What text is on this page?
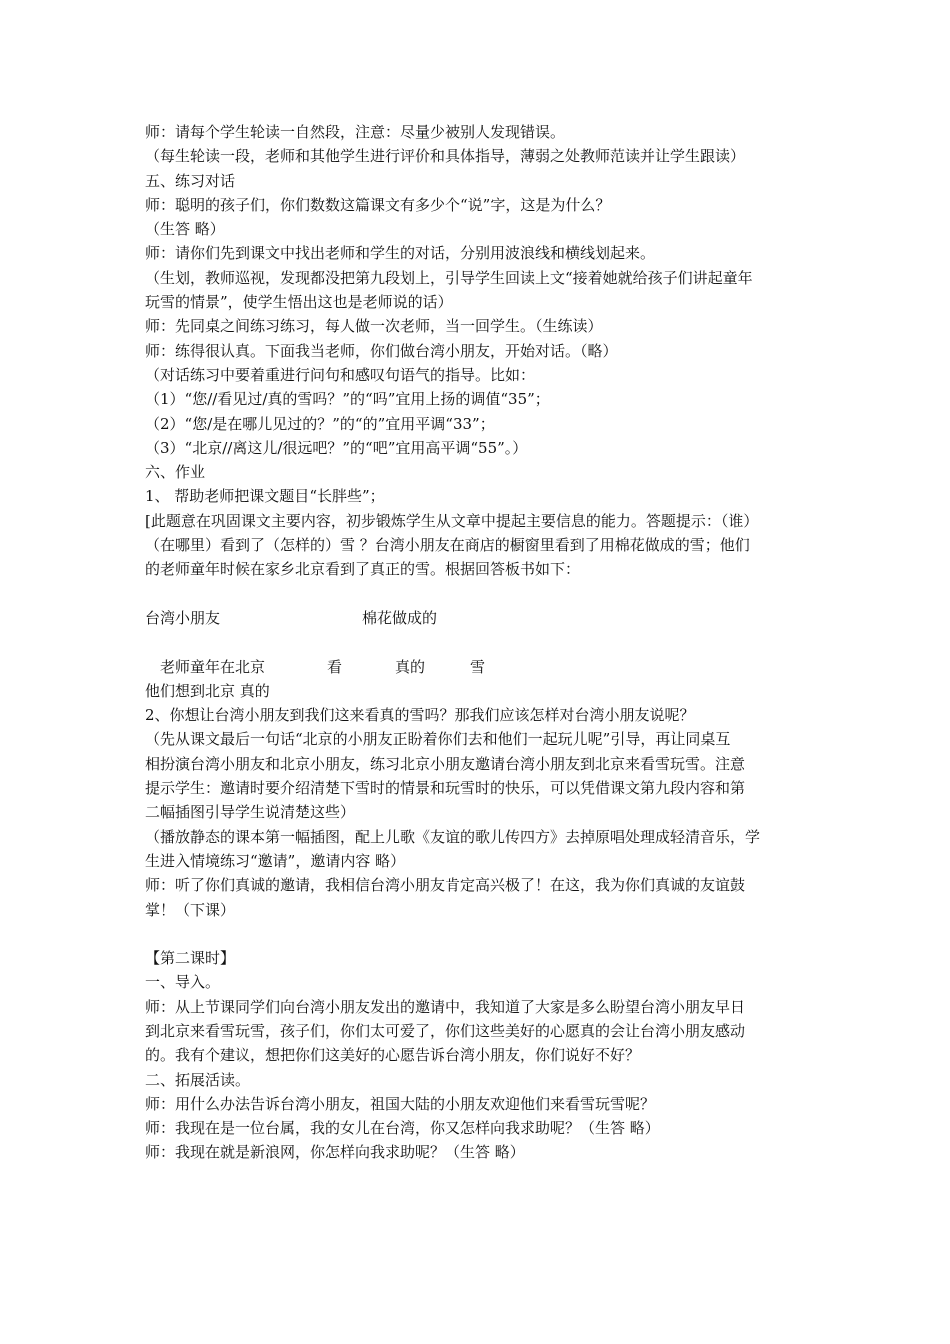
师：请每个学生轮读一自然段，注意：尽量少被别人发现错误。
（每生轮读一段，老师和其他学生进行评价和具体指导，薄弱之处教师范读并让学生跟读）
五、练习对话
师：聪明的孩子们，你们数数这篇课文有多少个“说”字，这是为什么？
（生答 略）
师：请你们先到课文中找出老师和学生的对话，分别用波浪线和横线划起来。
（生划，教师巡视，发现都没把第九段划上，引导学生回读上文“接着她就给孩子们讲起童年
玩雪的情景”，使学生悟出这也是老师说的话）
师：先同桌之间练习练习，每人做一次老师，当一回学生。（生练读）
师：练得很认真。下面我当老师，你们做台湾小朋友，开始对话。（略）
（对话练习中要着重进行问句和感叹句语气的指导。比如：
（1）“您//看见过/真的雪吗？”的“吗”宜用上扬的调值“35”；
（2）“您/是在哪儿见过的？”的“的”宜用平调“33”；
（3）“北京//离这儿/很远吧？”的“吧”宜用高平调“55”。）
六、作业
1、 帮助老师把课文题目“长胖些”；
[此题意在巩固课文主要内容，初步锻炼学生从文章中提起主要信息的能力。答题提示：（谁）
（在哪里）看到了（怎样的）雪 ？台湾小朋友在商店的橱窗里看到了用棉花做成的雪；他们
的老师童年时候在家乡北京看到了真正的雪。根据回答板书如下：
台湾小朋友	棉花做成的
老师童年在北京	看	真的	雪
他们想到北京 真的
2、你想让台湾小朋友到我们这来看真的雪吗？那我们应该怎样对台湾小朋友说呢？
（先从课文最后一句话“北京的小朋友正盼着你们去和他们一起玩儿呢”引导，再让同桌互
相扮演台湾小朋友和北京小朋友，练习北京小朋友邀请台湾小朋友到北京来看雪玩雪。注意
提示学生：邀请时要介绍清楚下雪时的情景和玩雪时的快乐，可以凭借课文第九段内容和第
二幅插图引导学生说清楚这些）
（播放静态的课本第一幅插图，配上儿歌《友谊的歌儿传四方》去掉原唱处理成轻清音乐，学
生进入情境练习“邀请”，邀请内容 略）
师：听了你们真诚的邀请，我相信台湾小朋友肯定高兴极了！在这，我为你们真诚的友谊鼓
掌！（下课）
【第二课时】
一、导入。
师：从上节课同学们向台湾小朋友发出的邀请中，我知道了大家是多么盼望台湾小朋友早日
到北京来看雪玩雪，孩子们，你们太可爱了，你们这些美好的心愿真的会让台湾小朋友感动
的。我有个建议，想把你们这美好的心愿告诉台湾小朋友，你们说好不好？
二、拓展活读。
师：用什么办法告诉台湾小朋友，祖国大陆的小朋友欢迎他们来看雪玩雪呢？
师：我现在是一位台属，我的女儿在台湾，你又怎样向我求助呢？（生答 略）
师：我现在就是新浪网，你怎样向我求助呢？（生答 略）
